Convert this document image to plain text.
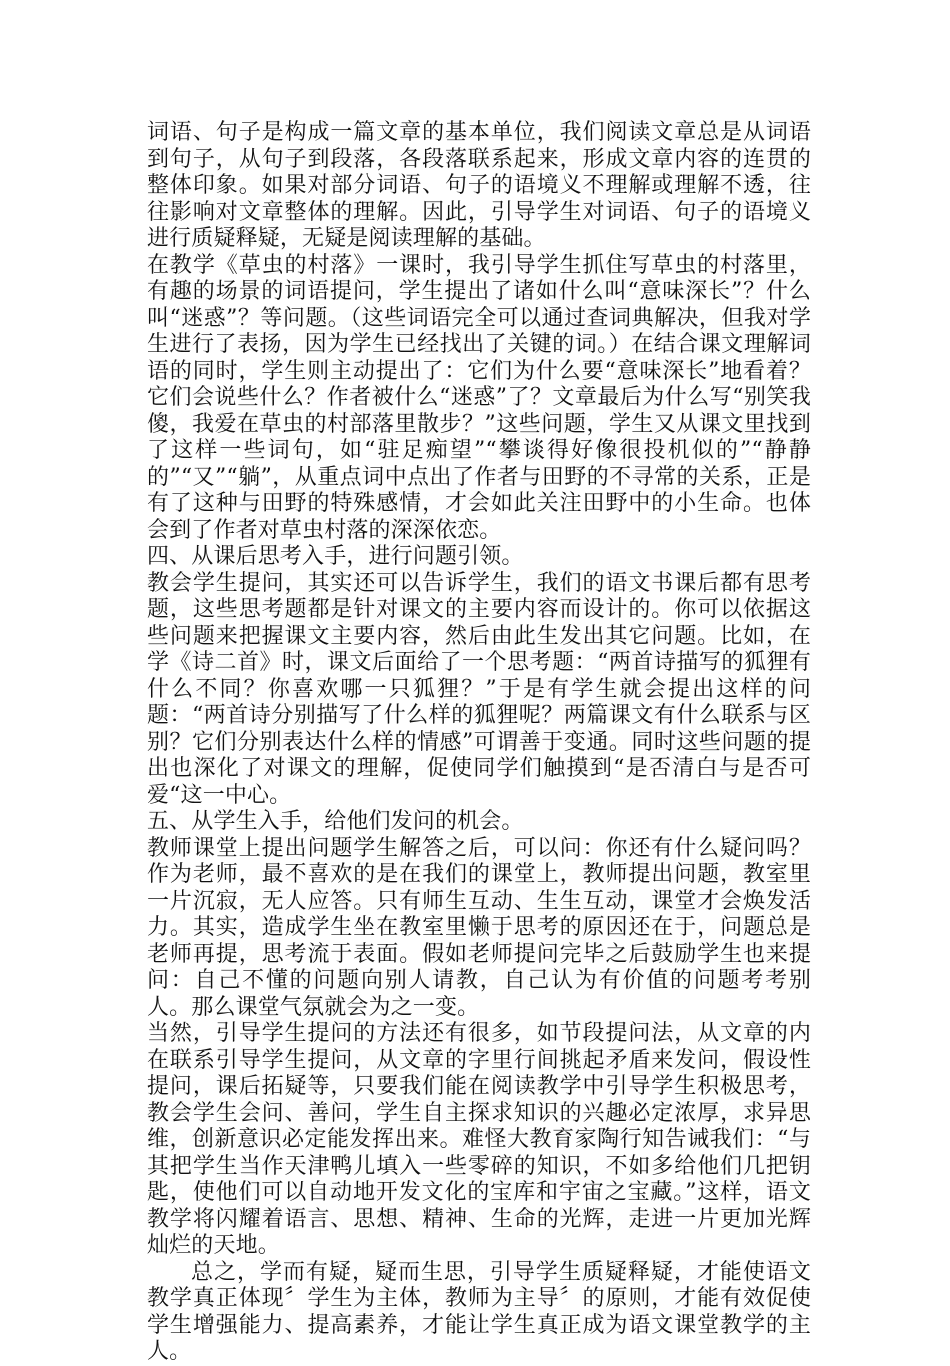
词语、句子是构成一篇文章的基本单位，我们阅读文章总是从词语到句子，从句子到段落，各段落联系起来，形成文章内容的连贯的整体印象。如果对部分词语、句子的语境义不理解或理解不透，往往影响对文章整体的理解。因此，引导学生对词语、句子的语境义进行质疑释疑，无疑是阅读理解的基础。

在教学《草虫的村落》一课时，我引导学生抓住写草虫的村落里，有趣的场景的词语提问，学生提出了诸如什么叫“意味深长”？什么叫“迷惑”？等问题。（这些词语完全可以通过查词典解决，但我对学生进行了表扬，因为学生已经找出了关键的词。）在结合课文理解词语的同时，学生则主动提出了：它们为什么要“意味深长”地看着？它们会说些什么？作者被什么“迷惑”了？文章最后为什么写“别笑我傻，我爱在草虫的村部落里散步？”这些问题，学生又从课文里找到了这样一些词句，如“驻足痴望”“攀谈得好像很投机似的”“静静的”“又”“躺”，从重点词中点出了作者与田野的不寻常的关系，正是有了这种与田野的特殊感情，才会如此关注田野中的小生命。也体会到了作者对草虫村落的深深依恋。

四、从课后思考入手，进行问题引领。

教会学生提问，其实还可以告诉学生，我们的语文书课后都有思考题，这些思考题都是针对课文的主要内容而设计的。你可以依据这些问题来把握课文主要内容，然后由此生发出其它问题。比如，在学《诗二首》时，课文后面给了一个思考题：“两首诗描写的狐狸有什么不同？你喜欢哪一只狐狸？”于是有学生就会提出这样的问题：“两首诗分别描写了什么样的狐狸呢？两篇课文有什么联系与区别？它们分别表达什么样的情感”可谓善于变通。同时这些问题的提出也深化了对课文的理解，促使同学们触摸到“是否清白与是否可爱“这一中心。

五、从学生入手，给他们发问的机会。

教师课堂上提出问题学生解答之后，可以问：你还有什么疑问吗？作为老师，最不喜欢的是在我们的课堂上，教师提出问题，教室里一片沉寂，无人应答。只有师生互动、生生互动，课堂才会焕发活力。其实，造成学生坐在教室里懒于思考的原因还在于，问题总是老师再提，思考流于表面。假如老师提问完毕之后鼓励学生也来提问：自己不懂的问题向别人请教，自己认为有价值的问题考考别人。那么课堂气氛就会为之一变。

当然，引导学生提问的方法还有很多，如节段提问法，从文章的内在联系引导学生提问，从文章的字里行间挑起矛盾来发问，假设性提问，课后拓疑等，只要我们能在阅读教学中引导学生积极思考，教会学生会问、善问，学生自主探求知识的兴趣必定浓厚，求异思维，创新意识必定能发挥出来。难怪大教育家陶行知告诫我们：“与其把学生当作天津鸭儿填入一些零碎的知识，不如多给他们几把钥匙，使他们可以自动地开发文化的宝库和宇宙之宝藏。”这样，语文教学将闪耀着语言、思想、精神、生命的光辉，走进一片更加光辉灿烂的天地。

总之，学而有疑，疑而生思，引导学生质疑释疑，才能使语文教学真正体现〞学生为主体，教师为主导〞的原则，才能有效促使学生增强能力、提高素养，才能让学生真正成为语文课堂教学的主人。
